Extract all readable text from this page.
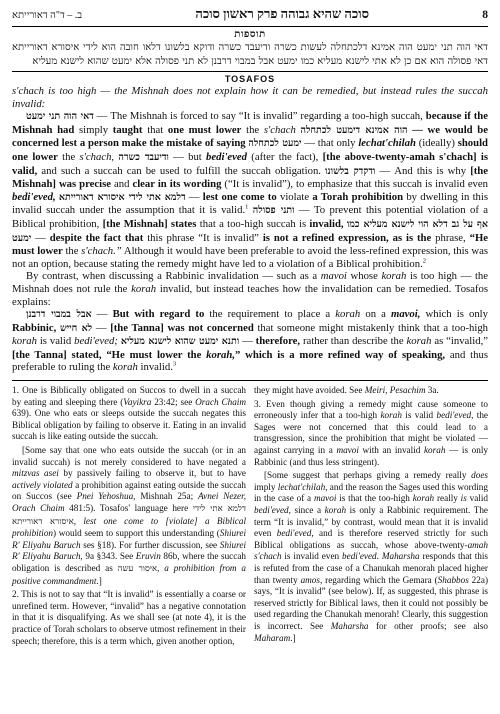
ב. – ד"ה דאורייתא	סוכה שהיא גבוהה פרק ראשון סוכה	8
תוספות
דאי הוה תני ימעט הוה אמינא דלכתחלה לעשות כשרה ודיעבד כשרה ודוקא בלשונו דלאו חובה הוא לידי איסורא דאורייתא דאי פסולה הוא אם כן לא אתי לישנא מעליא כמו ימעט אבל במבוי דרבנן לא תני פסולה אלא ימעט שהוא לישנא מעליא
TOSAFOS

s'chach is too high — the Mishnah does not explain how it can be remedied, but instead rules the succah invalid:

דאי הוה תני ימעט — The Mishnah is forced to say “It is invalid” regarding a too-high succah, because if the Mishnah had simply taught that one must lower the s'chach הוה אמינא דימעט לכתחלה — we would be concerned lest a person make the mistake of saying ימעט לכתחלה — that only lechat'chilah (ideally) should one lower the s'chach, ודיעבד כשרה — but bedi'eved (after the fact), [the above-twenty-amah s'chach] is valid, and such a succah can be used to fulfill the succah obligation. ודקדק בלשונו — And this is why [the Mishnah] was precise and clear in its wording (“It is invalid”), to emphasize that this succah is invalid even bedi'eved, דלמא אתי לידי איסורא דאורייתא — lest one come to violate a Torah prohibition by dwelling in this invalid succah under the assumption that it is valid.$^1$ ותני פסולה — To prevent this potential violation of a Biblical prohibition, [the Mishnah] states that a too-high succah is invalid, אף על גב דלא הוי לישנא מעליא כמו ימעט — despite the fact that this phrase “It is invalid” is not a refined expression, as is the phrase, “He must lower the s'chach.” Although it would have been preferable to avoid the less-refined expression, this was not an option, because stating the remedy might have led to a violation of a Biblical prohibition.$^2$

By contrast, when discussing a Rabbinic invalidation — such as a mavoi whose korah is too high — the Mishnah does not rule the korah invalid, but instead teaches how the invalidation can be remedied. Tosafos explains:

אבל במבוי דרבנן — But with regard to the requirement to place a korah on a mavoi, which is only Rabbinic, לא חייש — [the Tanna] was not concerned that someone might mistakenly think that a too-high korah is valid bedi'eved; ותנא ימעט שהוא לישנא מעליא — therefore, rather than describe the korah as “invalid,” [the Tanna] stated, “He must lower the korah,” which is a more refined way of speaking, and thus preferable to ruling the korah invalid.$^3$

1. One is Biblically obligated on Succos to dwell in a succah by eating and sleeping there (Vayikra 23:42; see Orach Chaim 639). One who eats or sleeps outside the succah negates this Biblical obligation by failing to observe it. Eating in an invalid succah is like eating outside the succah.

[Some say that one who eats outside the succah (or in an invalid succah) is not merely considered to have negated a mitzvas asei by passively failing to observe it, but to have actively violated a prohibition against eating outside the succah on Succos (see Pnei Yehoshua, Mishnah 25a; Avnei Nezer, Orach Chaim 481:5). Tosafos' language here דלמא אתי לידי איסורא דאורייתא, lest one come to [violate] a Biblical prohibition) would seem to support this understanding (Shiurei R' Eliyahu Baruch ses §18). For further discussion, see Shiurei R' Eliyahu Baruch, 9a §343. See Eruvin 86b, where the succah obligation is described as איסור עשה, a prohibition from a positive commandment.]

2. This is not to say that “It is invalid” is essentially a coarse or unrefined term. However, “invalid” has a negative connotation in that it is disqualifying. As we shall see (at note 4), it is the practice of Torah scholars to observe utmost refinement in their speech; therefore, this is a term which, given another option,

they might have avoided. See Meiri, Pesachim 3a.

3. Even though giving a remedy might cause someone to erroneously infer that a too-high korah is valid bedi'eved, the Sages were not concerned that this could lead to a transgression, since the prohibition that might be violated — against carrying in a mavoi with an invalid korah — is only Rabbinic (and thus less stringent).

[Some suggest that perhaps giving a remedy really does imply lechat'chilah, and the reason the Sages used this wording in the case of a mavoi is that the too-high korah really is valid bedi'eved, since a korah is only a Rabbinic requirement. The term “It is invalid,” by contrast, would mean that it is invalid even bedi'eved, and is therefore reserved strictly for such Biblical obligations as succah, whose above-twenty-amah s'chach is invalid even bedi'eved. Maharsha responds that this is refuted from the case of a Chanukah menorah placed higher than twenty amos, regarding which the Gemara (Shabbos 22a) says, “It is invalid” (see below). If, as suggested, this phrase is reserved strictly for Biblical laws, then it could not possibly be used regarding the Chanukah menorah! Clearly, this suggestion is incorrect. See Maharsha for other proofs; see also Maharam.]
